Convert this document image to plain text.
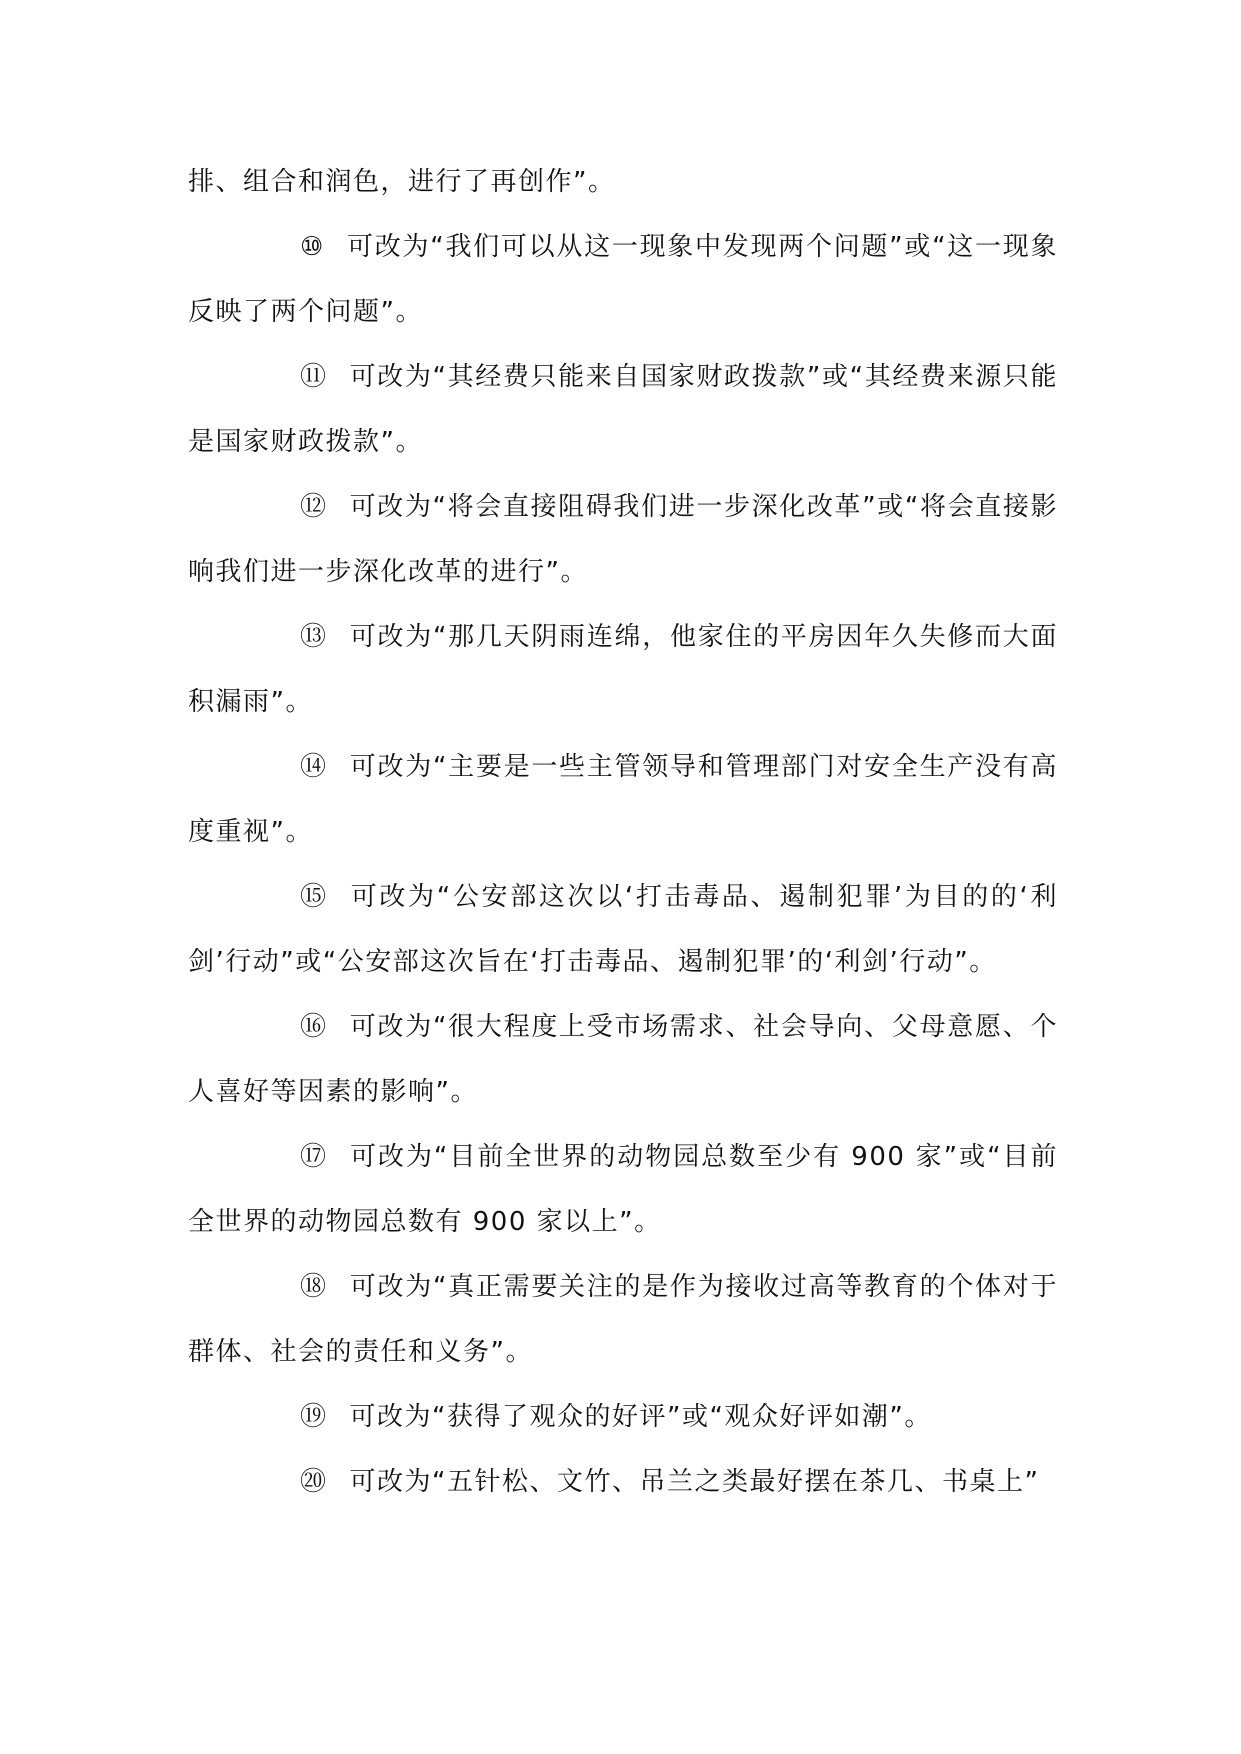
排、组合和润色，进行了再创作”。

⑩ 可改为“我们可以从这一现象中发现两个问题”或“这一现象反映了两个问题”。

⑪ 可改为“其经费只能来自国家财政拨款”或“其经费来源只能是国家财政拨款”。

⑫ 可改为“将会直接阻碍我们进一步深化改革”或“将会直接影响我们进一步深化改革的进行”。

⑬ 可改为“那几天阴雨连绵，他家住的平房因年久失修而大面积漏雨”。

⑭ 可改为“主要是一些主管领导和管理部门对安全生产没有高度重视”。

⑮ 可改为“公安部这次以‘打击毒品、遏制犯罪’为目的的‘利剑’行动”或“公安部这次旨在‘打击毒品、遏制犯罪’的‘利剑’行动”。

⑯ 可改为“很大程度上受市场需求、社会导向、父母意愿、个人喜好等因素的影响”。

⑰ 可改为“目前全世界的动物园总数至少有 900 家”或“目前全世界的动物园总数有 900 家以上”。

⑱ 可改为“真正需要关注的是作为接收过高等教育的个体对于群体、社会的责任和义务”。

⑲ 可改为“获得了观众的好评”或“观众好评如潮”。

⑳ 可改为“五针松、文竹、吊兰之类最好摆在茶几、书桌上”
